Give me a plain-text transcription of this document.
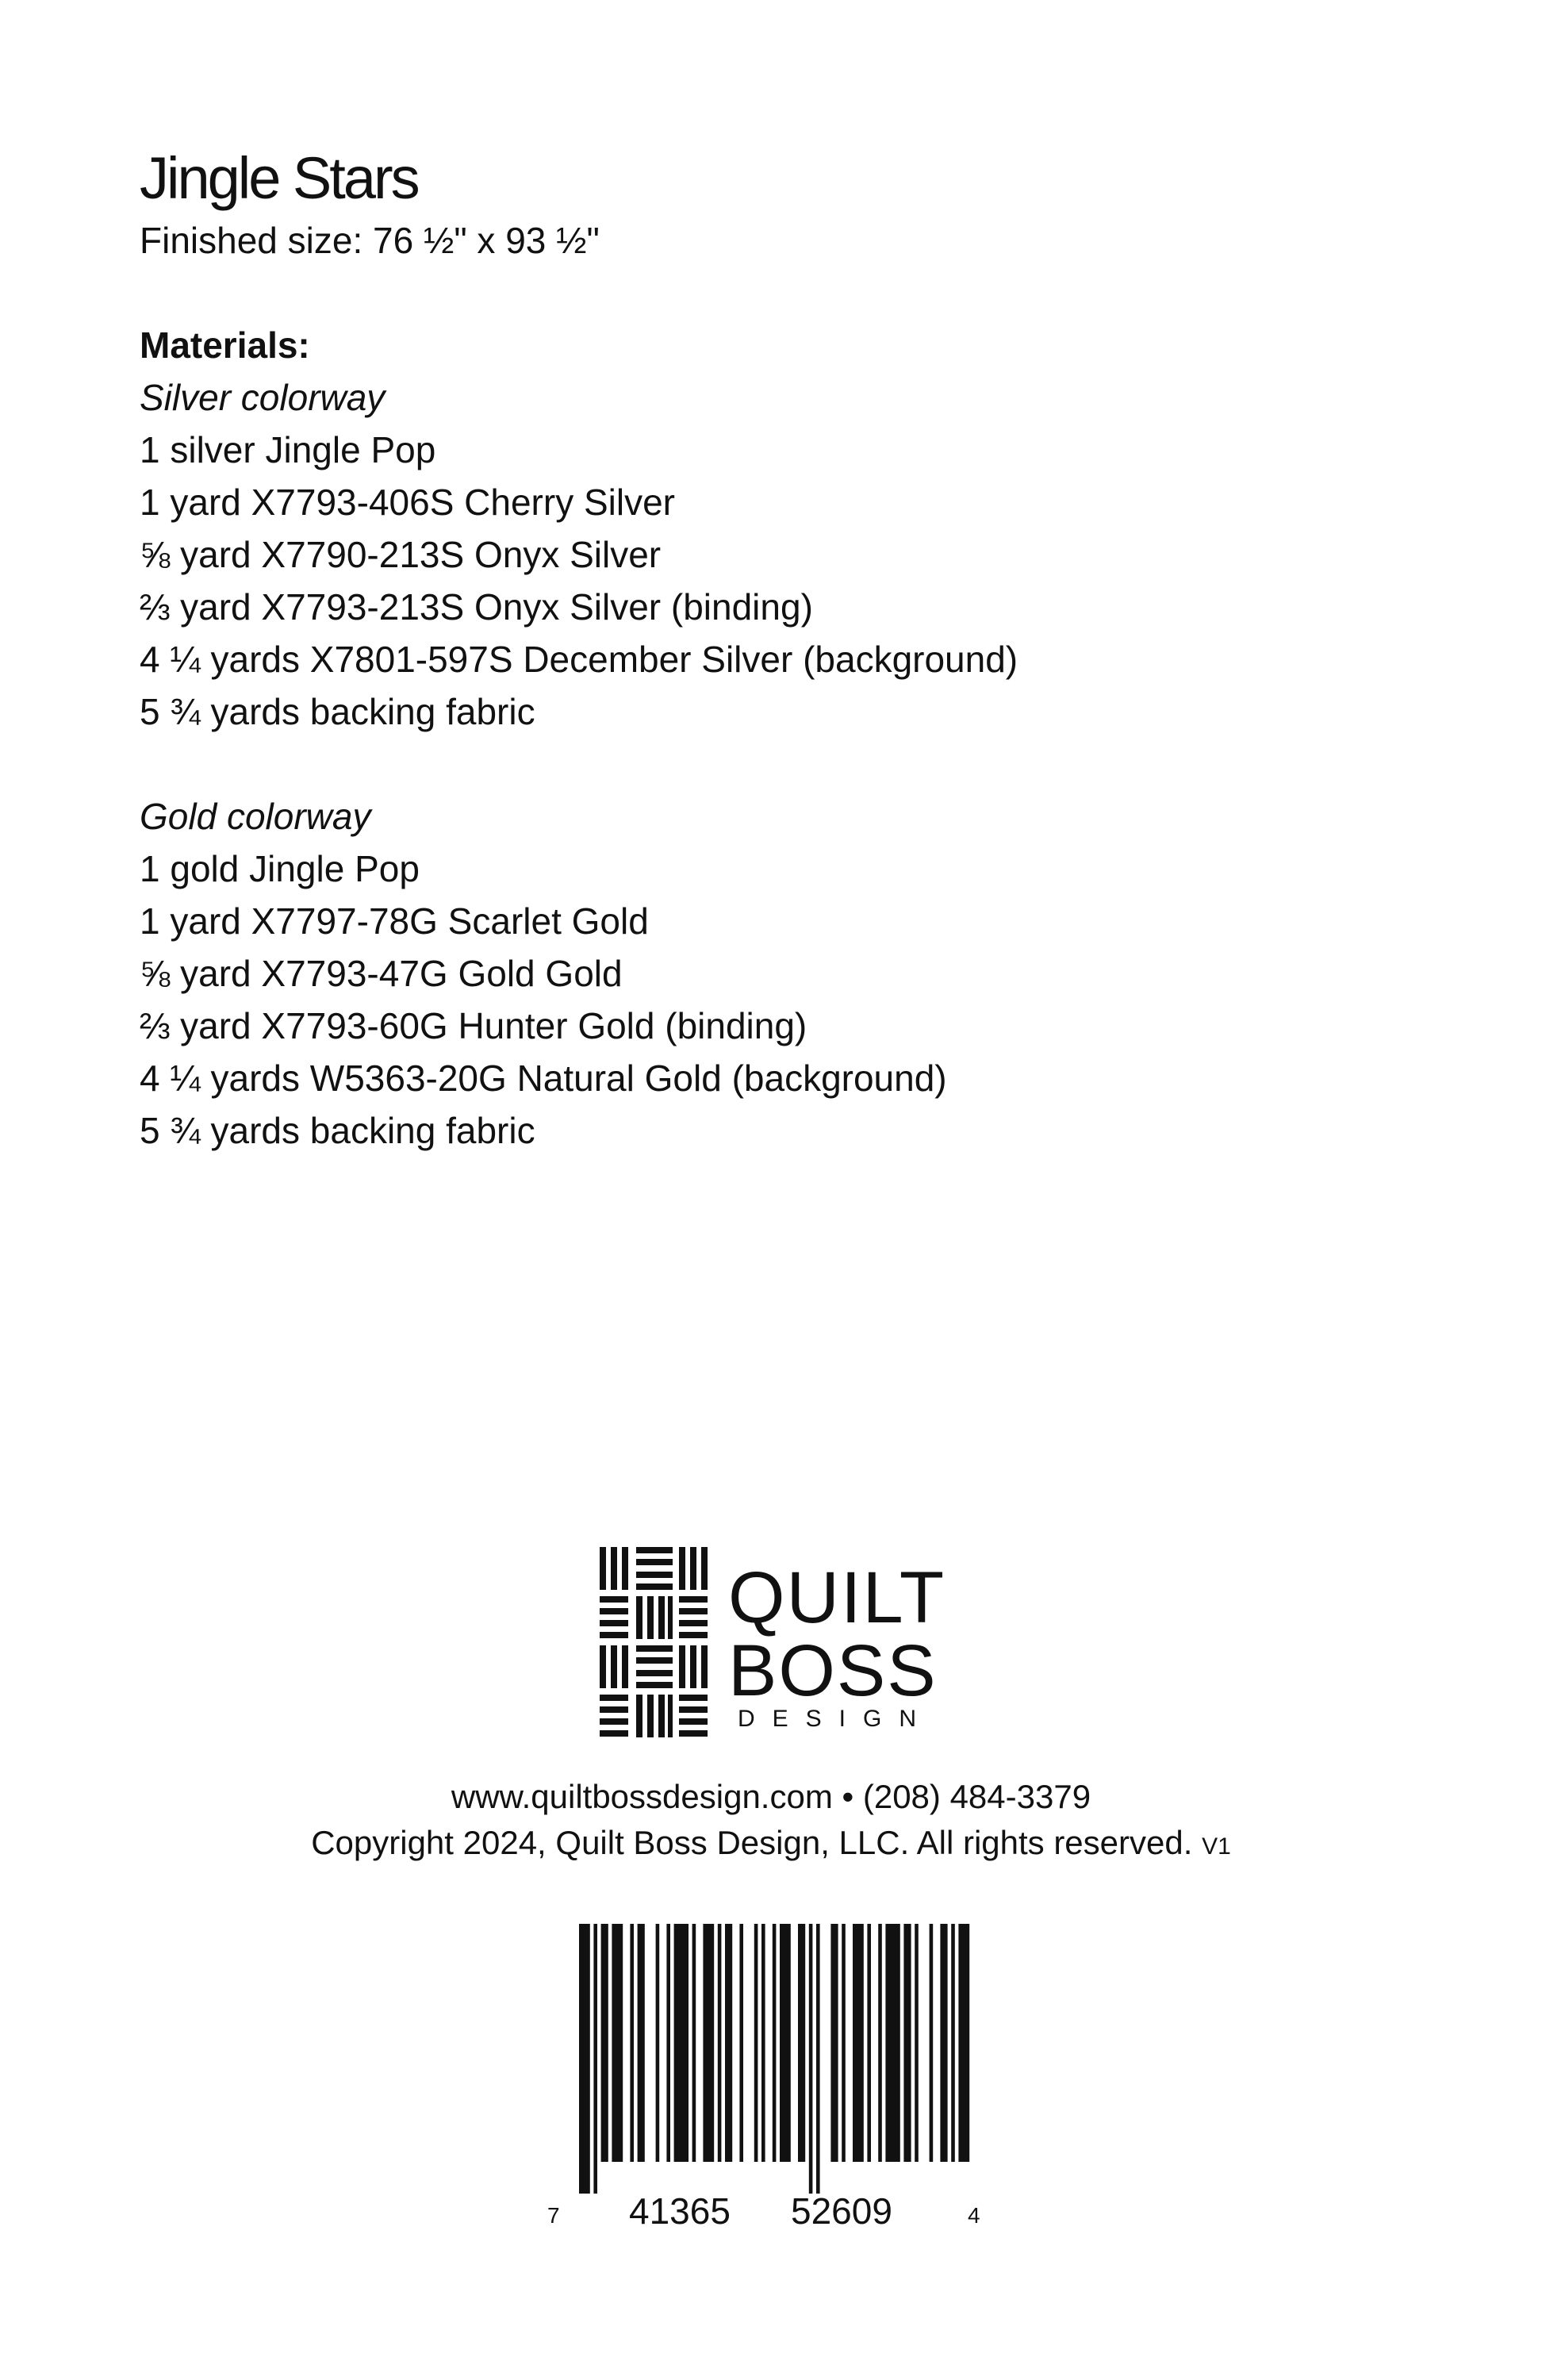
Jingle Stars
Finished size: 76 ½" x 93 ½"
Materials:
Silver colorway
1 silver Jingle Pop
1 yard X7793-406S Cherry Silver
⅝ yard X7790-213S Onyx Silver
⅔ yard X7793-213S Onyx Silver (binding)
4 ¼ yards X7801-597S December Silver (background)
5 ¾ yards backing fabric
Gold colorway
1 gold Jingle Pop
1 yard X7797-78G Scarlet Gold
⅝ yard X7793-47G Gold Gold
⅔ yard X7793-60G Hunter Gold (binding)
4 ¼ yards W5363-20G Natural Gold (background)
5 ¾ yards backing fabric
QUILT
BOSS
DESIGN
www.quiltbossdesign.com • (208) 484-3379
Copyright 2024, Quilt Boss Design, LLC. All rights reserved. V1
7 41365 52609	4
